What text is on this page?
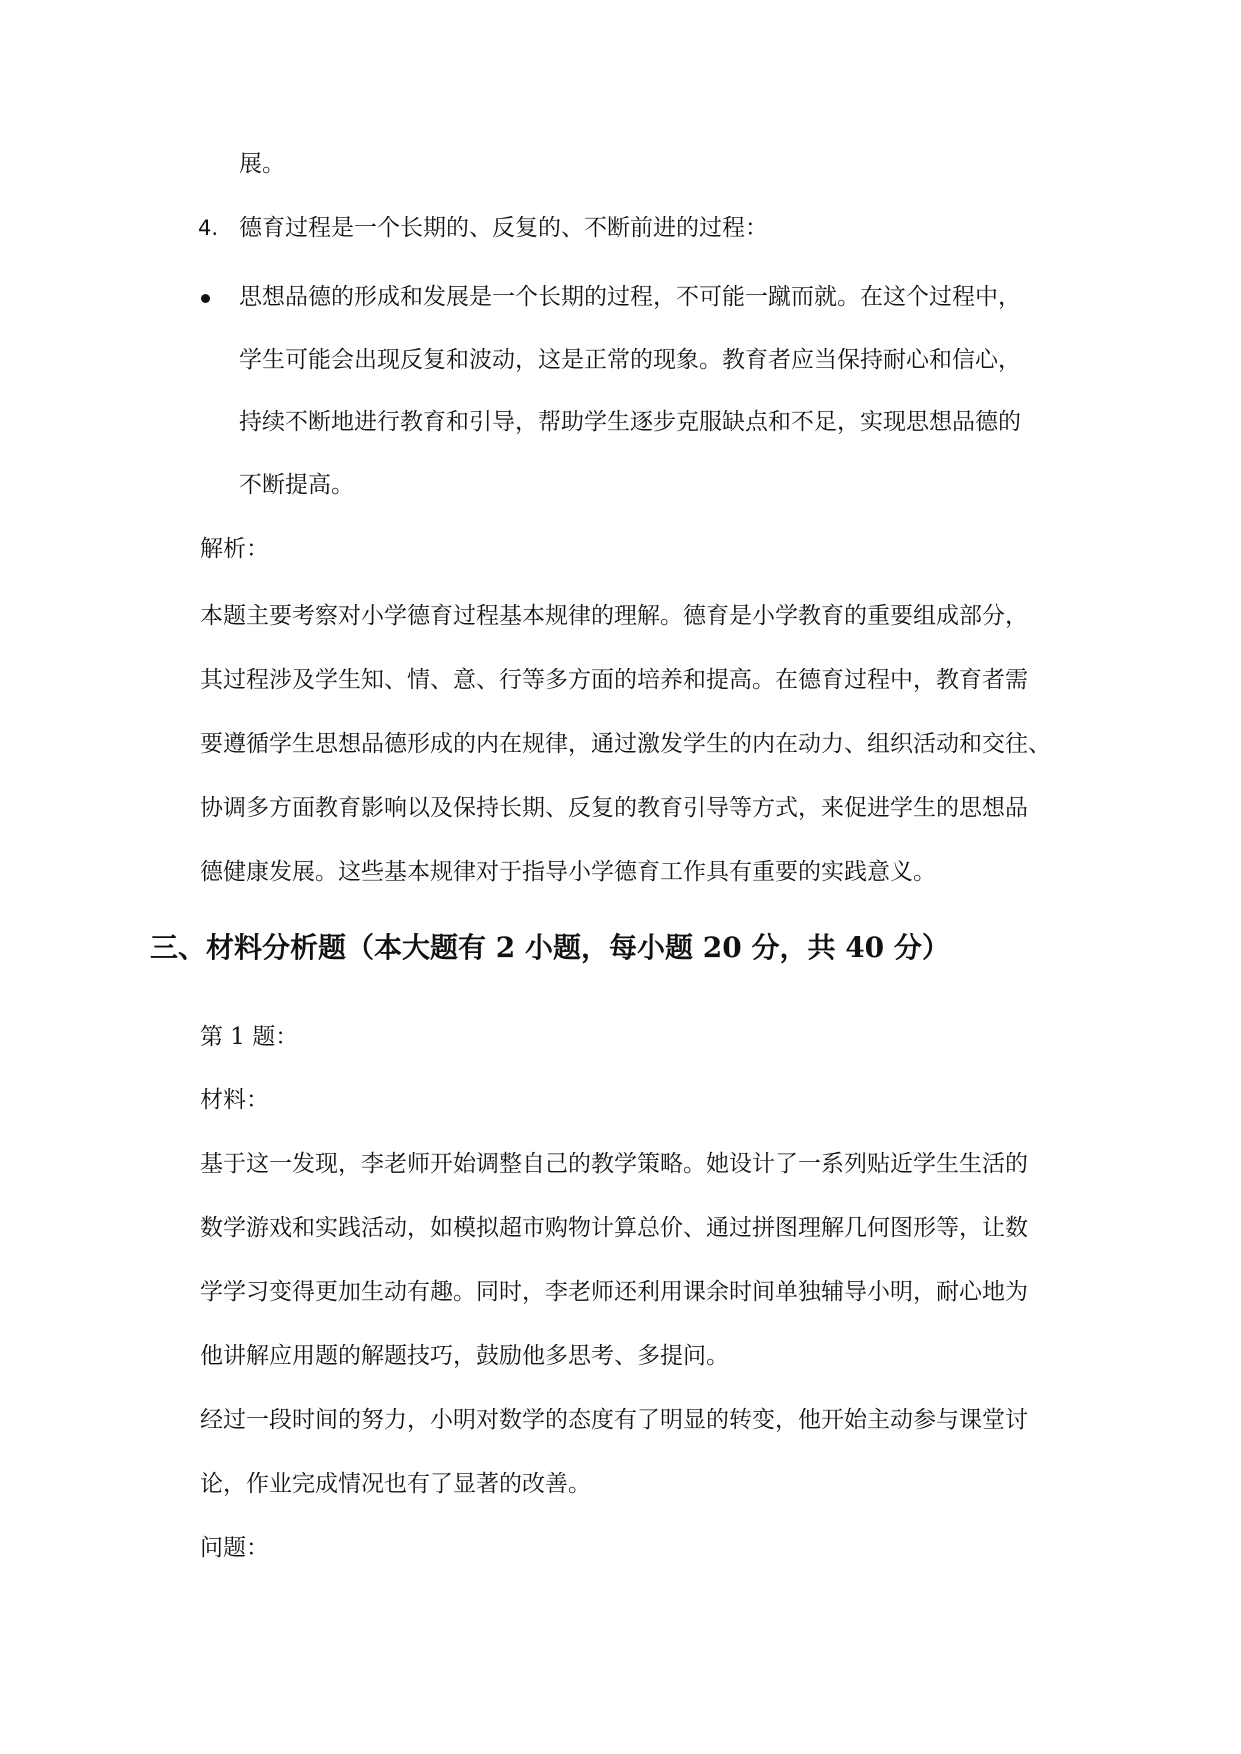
展。
4. 德育过程是一个长期的、反复的、不断前进的过程：
思想品德的形成和发展是一个长期的过程，不可能一蹴而就。在这个过程中，
学生可能会出现反复和波动，这是正常的现象。教育者应当保持耐心和信心，
持续不断地进行教育和引导，帮助学生逐步克服缺点和不足，实现思想品德的
不断提高。
解析：
本题主要考察对小学德育过程基本规律的理解。德育是小学教育的重要组成部分，
其过程涉及学生知、情、意、行等多方面的培养和提高。在德育过程中，教育者需
要遵循学生思想品德形成的内在规律，通过激发学生的内在动力、组织活动和交往、
协调多方面教育影响以及保持长期、反复的教育引导等方式，来促进学生的思想品
德健康发展。这些基本规律对于指导小学德育工作具有重要的实践意义。
三、材料分析题（本大题有 2 小题，每小题 20 分，共 40 分）
第 1 题：
材料：
基于这一发现，李老师开始调整自己的教学策略。她设计了一系列贴近学生生活的
数学游戏和实践活动，如模拟超市购物计算总价、通过拼图理解几何图形等，让数
学学习变得更加生动有趣。同时，李老师还利用课余时间单独辅导小明，耐心地为
他讲解应用题的解题技巧，鼓励他多思考、多提问。
经过一段时间的努力，小明对数学的态度有了明显的转变，他开始主动参与课堂讨
论，作业完成情况也有了显著的改善。
问题：
